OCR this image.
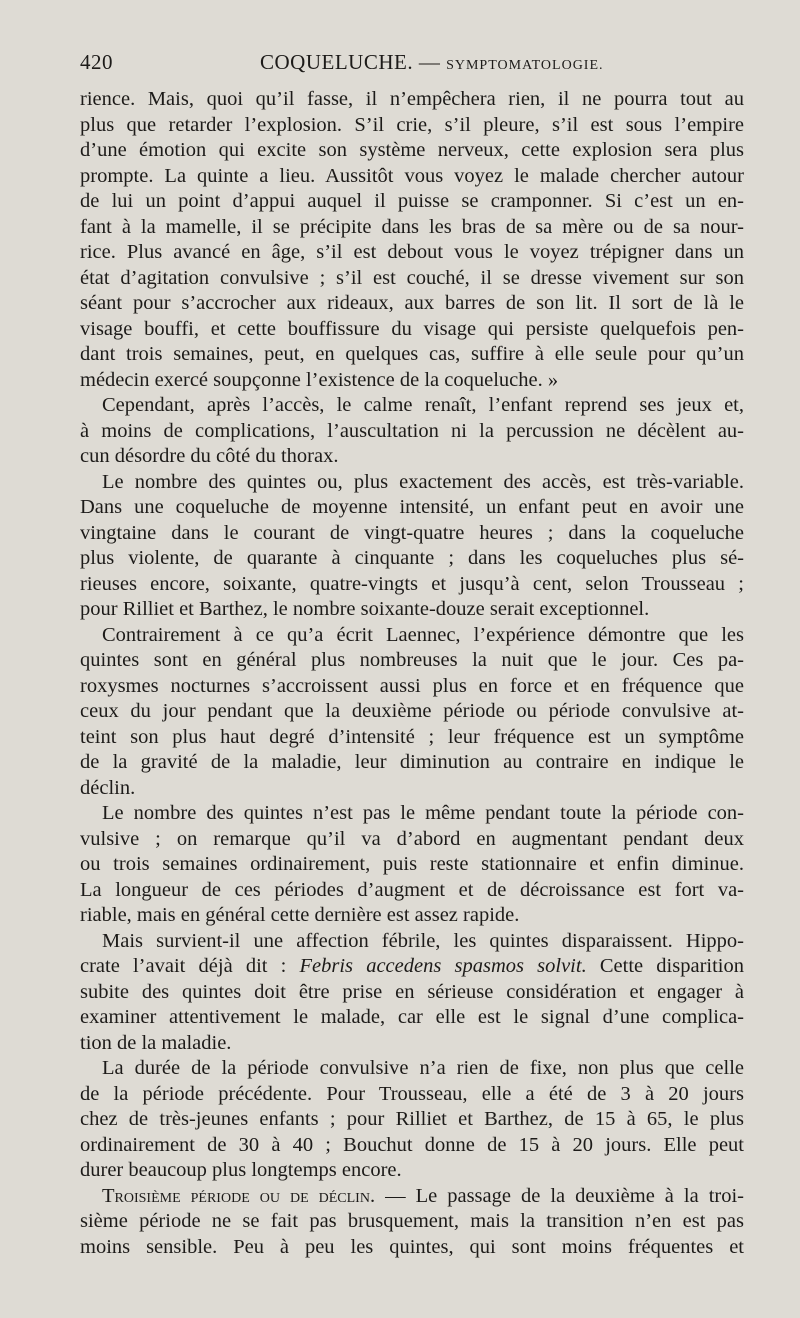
420	COQUELUCHE. — SYMPTOMATOLOGIE.
rience. Mais, quoi qu’il fasse, il n’empêchera rien, il ne pourra tout au
plus que retarder l’explosion. S’il crie, s’il pleure, s’il est sous l’empire
d’une émotion qui excite son système nerveux, cette explosion sera plus
prompte. La quinte a lieu. Aussitôt vous voyez le malade chercher autour
de lui un point d’appui auquel il puisse se cramponner. Si c’est un en-
fant à la mamelle, il se précipite dans les bras de sa mère ou de sa nour-
rice. Plus avancé en âge, s’il est debout vous le voyez trépigner dans un
état d’agitation convulsive ; s’il est couché, il se dresse vivement sur son
séant pour s’accrocher aux rideaux, aux barres de son lit. Il sort de là le
visage bouffi, et cette bouffissure du visage qui persiste quelquefois pen-
dant trois semaines, peut, en quelques cas, suffire à elle seule pour qu’un
médecin exercé soupçonne l’existence de la coqueluche. »
Cependant, après l’accès, le calme renaît, l’enfant reprend ses jeux et,
à moins de complications, l’auscultation ni la percussion ne décèlent au-
cun désordre du côté du thorax.
Le nombre des quintes ou, plus exactement des accès, est très-variable.
Dans une coqueluche de moyenne intensité, un enfant peut en avoir une
vingtaine dans le courant de vingt-quatre heures ; dans la coqueluche
plus violente, de quarante à cinquante ; dans les coqueluches plus sé-
rieuses encore, soixante, quatre-vingts et jusqu’à cent, selon Trousseau ;
pour Rilliet et Barthez, le nombre soixante-douze serait exceptionnel.
Contrairement à ce qu’a écrit Laennec, l’expérience démontre que les
quintes sont en général plus nombreuses la nuit que le jour. Ces pa-
roxysmes nocturnes s’accroissent aussi plus en force et en fréquence que
ceux du jour pendant que la deuxième période ou période convulsive at-
teint son plus haut degré d’intensité ; leur fréquence est un symptôme
de la gravité de la maladie, leur diminution au contraire en indique le
déclin.
Le nombre des quintes n’est pas le même pendant toute la période con-
vulsive ; on remarque qu’il va d’abord en augmentant pendant deux
ou trois semaines ordinairement, puis reste stationnaire et enfin diminue.
La longueur de ces périodes d’augment et de décroissance est fort va-
riable, mais en général cette dernière est assez rapide.
Mais survient-il une affection fébrile, les quintes disparaissent. Hippo-
crate l’avait déjà dit : Febris accedens spasmos solvit. Cette disparition
subite des quintes doit être prise en sérieuse considération et engager à
examiner attentivement le malade, car elle est le signal d’une complica-
tion de la maladie.
La durée de la période convulsive n’a rien de fixe, non plus que celle
de la période précédente. Pour Trousseau, elle a été de 3 à 20 jours
chez de très-jeunes enfants ; pour Rilliet et Barthez, de 15 à 65, le plus
ordinairement de 30 à 40 ; Bouchut donne de 15 à 20 jours. Elle peut
durer beaucoup plus longtemps encore.
Troisième période ou de déclin. — Le passage de la deuxième à la troi-
sième période ne se fait pas brusquement, mais la transition n’en est pas
moins sensible. Peu à peu les quintes, qui sont moins fréquentes et
